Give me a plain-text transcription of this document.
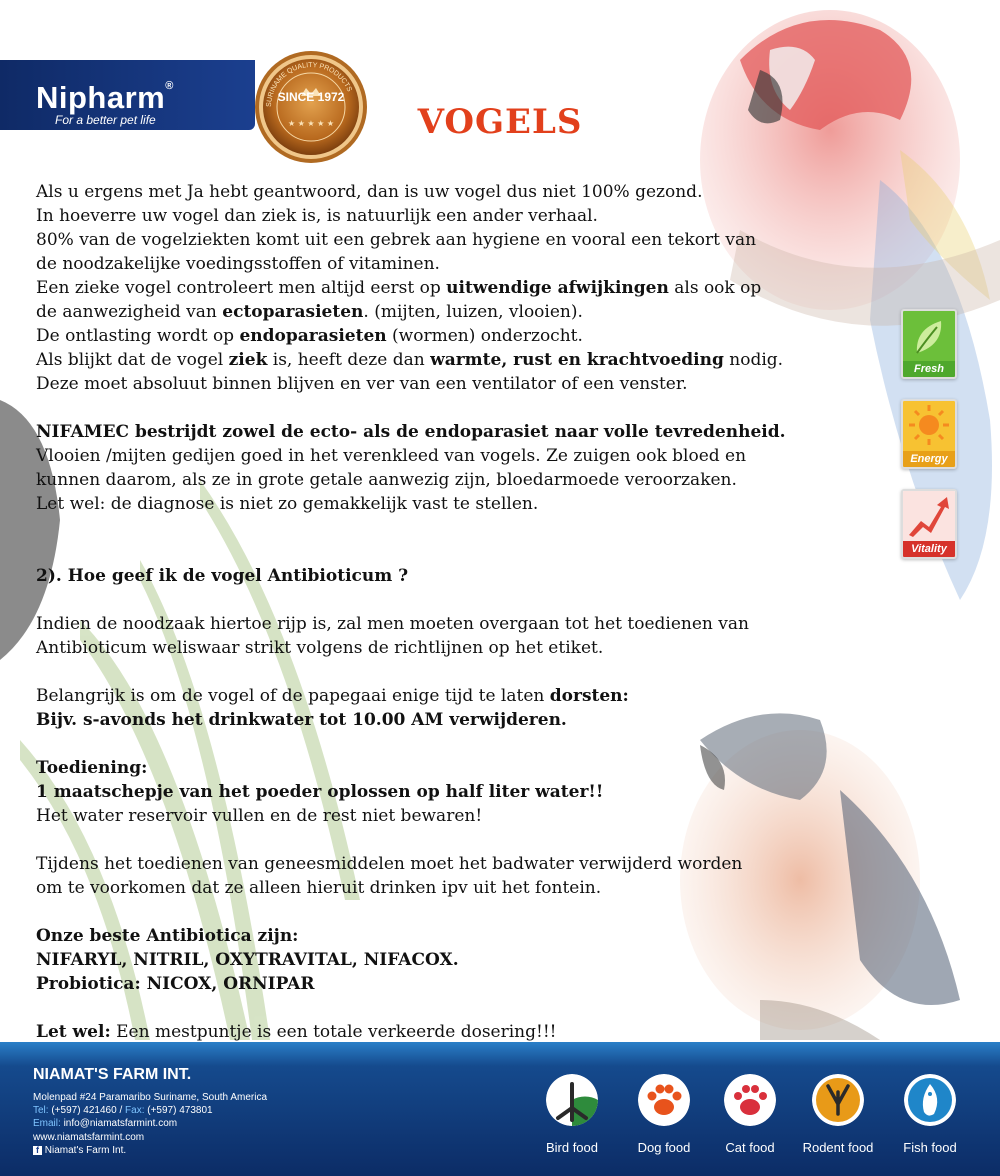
Nipharm®
For a better pet life
SURINAME QUALITY PRODUCTS
★ ★ ★ ★ ★
SINCE 1972
VOGELS

Als u ergens met Ja hebt geantwoord, dan is uw vogel dus niet 100% gezond.

In hoeverre uw vogel dan ziek is, is natuurlijk een ander verhaal.

80% van de vogelziekten komt uit een gebrek aan hygiene en vooral een tekort van

de noodzakelijke voedingsstoffen of vitaminen.

Een zieke vogel controleert men altijd eerst op uitwendige afwijkingen als ook op

de aanwezigheid van ectoparasieten. (mijten, luizen, vlooien).

De ontlasting wordt op endoparasieten (wormen) onderzocht.

Als blijkt dat de vogel ziek is, heeft deze dan warmte, rust en krachtvoeding nodig.

Deze moet absoluut binnen blijven en ver van een ventilator of een venster.

NIFAMEC bestrijdt zowel de ecto- als de endoparasiet naar volle tevredenheid.

Vlooien /mijten gedijen goed in het verenkleed van vogels. Ze zuigen ook bloed en

kunnen daarom, als ze in grote getale aanwezig zijn, bloedarmoede veroorzaken.

Let wel: de diagnose is niet zo gemakkelijk vast te stellen.

2). Hoe geef ik de vogel Antibioticum ?

Indien de noodzaak hiertoe rijp is, zal men moeten overgaan tot het toedienen van

Antibioticum weliswaar strikt volgens de richtlijnen op het etiket.

Belangrijk is om de vogel of de papegaai enige tijd te laten dorsten:

Bijv. s-avonds het drinkwater tot 10.00 AM verwijderen.

Toediening:

1 maatschepje van het poeder oplossen op half liter water!!

Het water reservoir vullen en de rest niet bewaren!

Tijdens het toedienen van geneesmiddelen moet het badwater verwijderd worden

om te voorkomen dat ze alleen hieruit drinken ipv uit het fontein.

Onze beste Antibiotica zijn:

NIFARYL, NITRIL, OXYTRAVITAL, NIFACOX.

Probiotica: NICOX, ORNIPAR

Let wel: Een mestpuntje is een totale verkeerde dosering!!!

Fresh
Energy
Vitality
NIAMAT'S FARM INT.
Molenpad #24 Paramaribo Suriname, South America
Tel: (+597) 421460 / Fax: (+597) 473801
Email: info@niamatsfarmint.com
www.niamatsfarmint.com
f Niamat's Farm Int.	Bird food	Dog food	Cat food	Rodent food	Fish food
